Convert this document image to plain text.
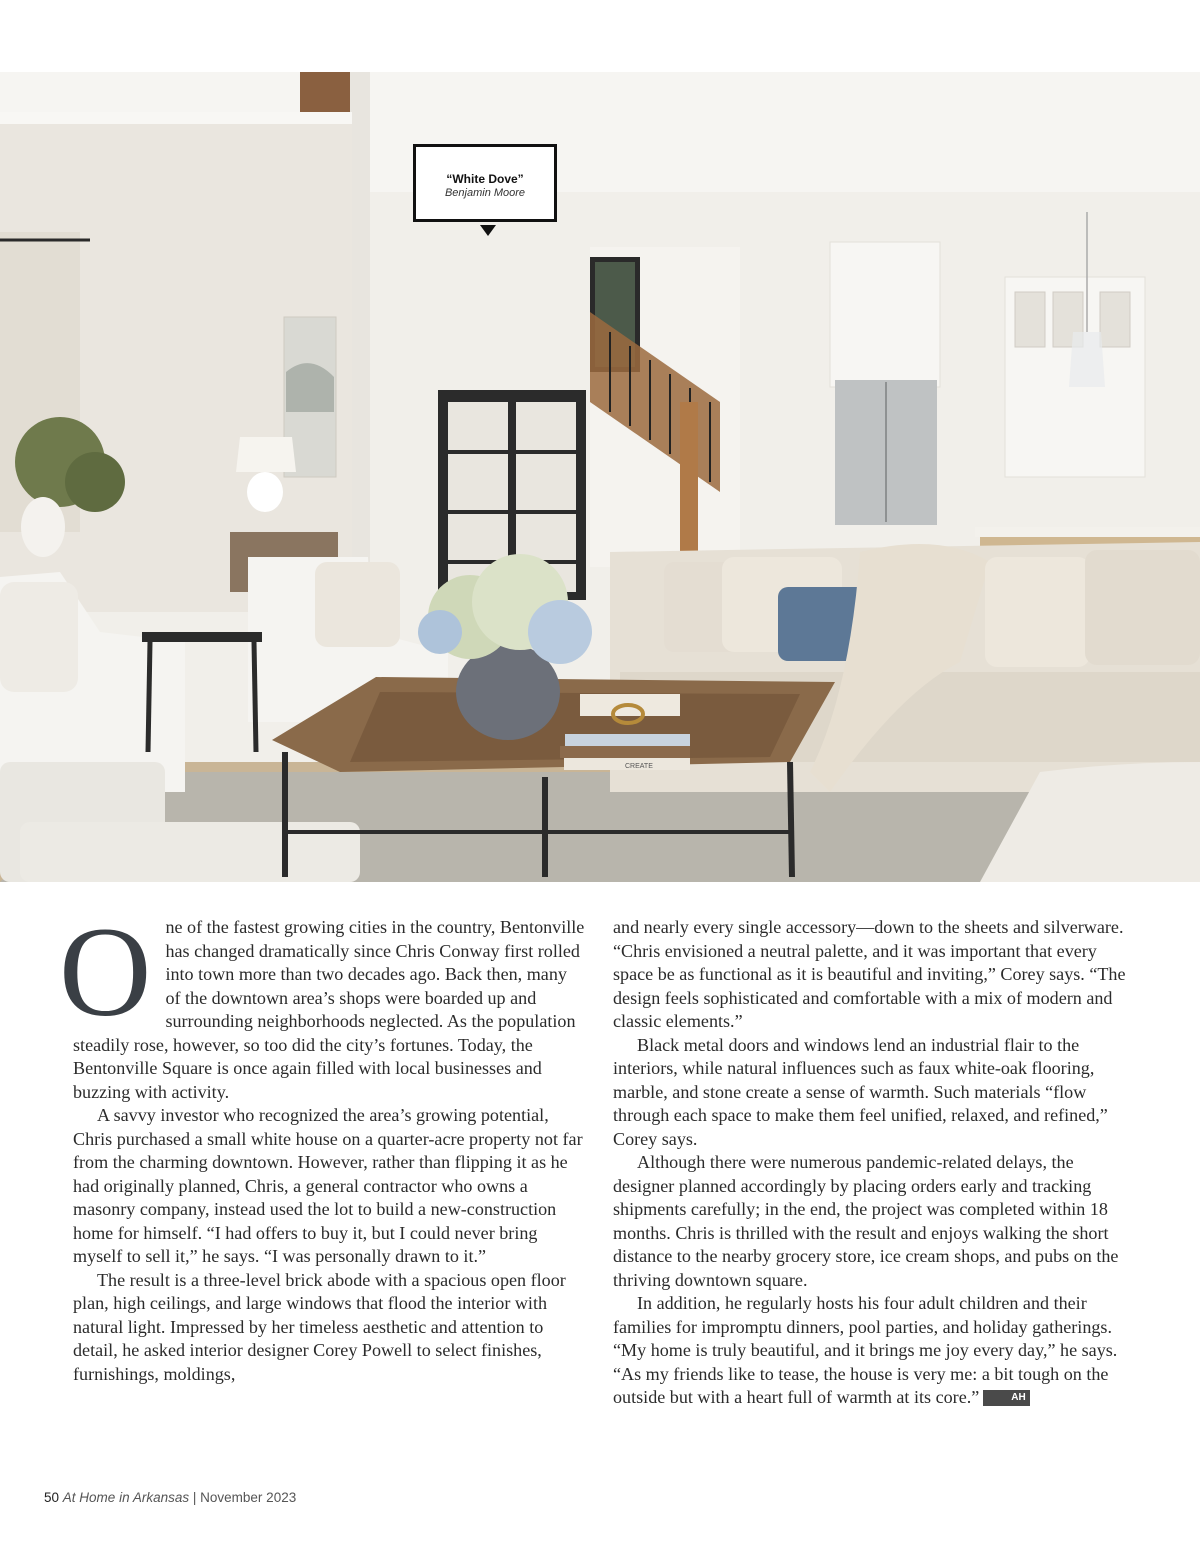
CREATE
“White Dove”
Benjamin Moore

One of the fastest growing cities in the country, Bentonville has changed dramatically since Chris Conway first rolled into town more than two decades ago. Back then, many of the downtown area’s shops were boarded up and surrounding neighborhoods neglected. As the population steadily rose, however, so too did the city’s fortunes. Today, the Bentonville Square is once again filled with local businesses and buzzing with activity.

A savvy investor who recognized the area’s growing potential, Chris purchased a small white house on a quarter-acre property not far from the charming downtown. However, rather than flipping it as he had originally planned, Chris, a general contractor who owns a masonry company, instead used the lot to build a new-construction home for himself. “I had offers to buy it, but I could never bring myself to sell it,” he says. “I was personally drawn to it.”

The result is a three-level brick abode with a spacious open floor plan, high ceilings, and large windows that flood the interior with natural light. Impressed by her timeless aesthetic and attention to detail, he asked interior designer Corey Powell to select finishes, furnishings, moldings,

and nearly every single accessory—down to the sheets and silverware. “Chris envisioned a neutral palette, and it was important that every space be as functional as it is beautiful and inviting,” Corey says. “The design feels sophisticated and comfortable with a mix of modern and classic elements.”

Black metal doors and windows lend an industrial flair to the interiors, while natural influences such as faux white-oak flooring, marble, and stone create a sense of warmth. Such materials “flow through each space to make them feel unified, relaxed, and refined,” Corey says.

Although there were numerous pandemic-related delays, the designer planned accordingly by placing orders early and tracking shipments carefully; in the end, the project was completed within 18 months. Chris is thrilled with the result and enjoys walking the short distance to the nearby grocery store, ice cream shops, and pubs on the thriving downtown square.

In addition, he regularly hosts his four adult children and their families for impromptu dinners, pool parties, and holiday gatherings. “My home is truly beautiful, and it brings me joy every day,” he says. “As my friends like to tease, the house is very me: a bit tough on the outside but with a heart full of warmth at its core.”	AH

50 At Home in Arkansas | November 2023
